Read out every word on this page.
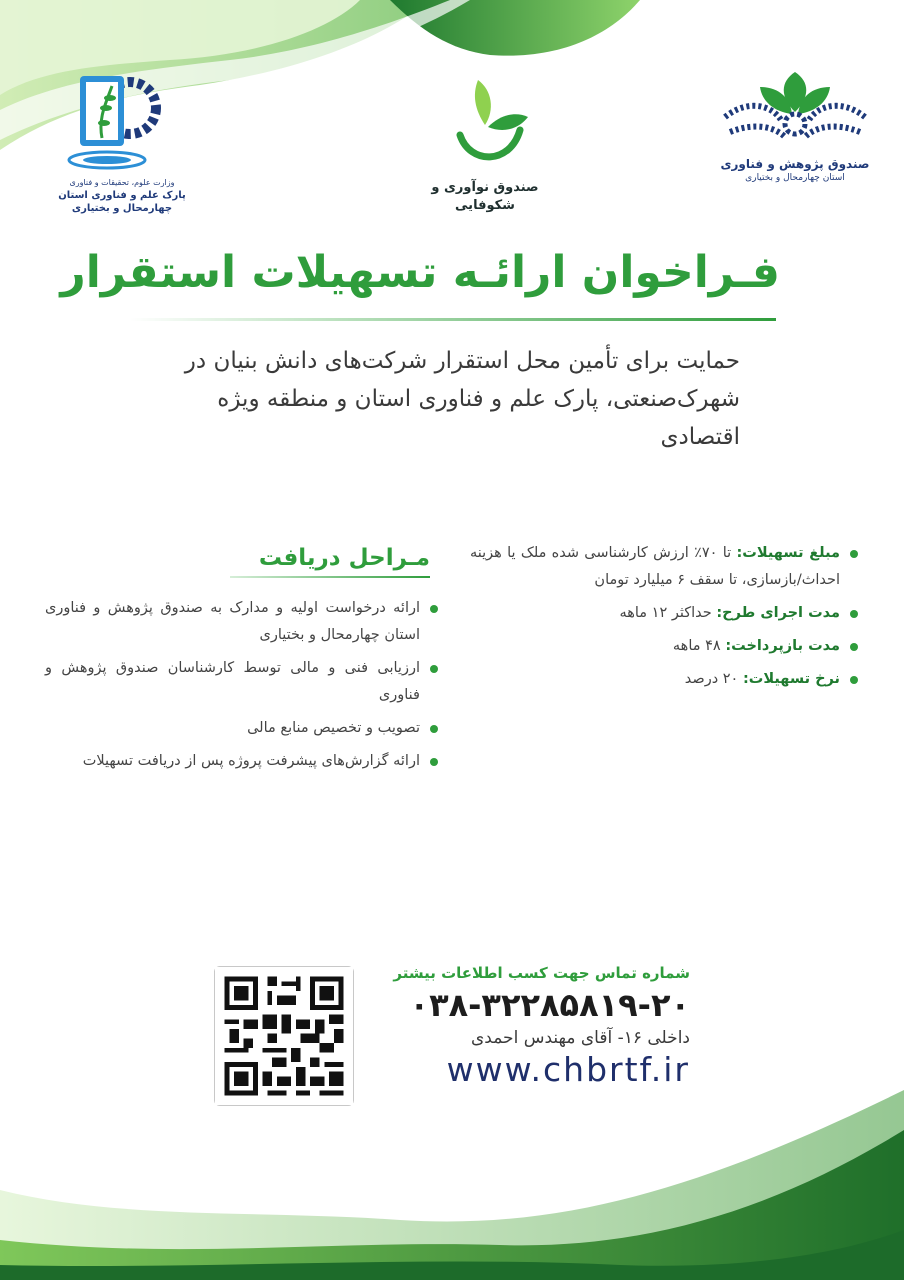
وزارت علوم، تحقیقات و فناوری
پارک علم و فناوری استان چهارمحال و بختیاری
صندوق نوآوری و شکوفایی
صندوق پژوهش و فناوری
استان چهارمحال و بختیاری
فـراخوان ارائـه تسهیلات استقرار
حمایت برای تأمین محل استقرار شرکت‌های دانش بنیان در شهرک‌صنعتی، پارک علم و فناوری استان و منطقه ویژه اقتصادی
مبلغ تسهیلات: تا ۷۰٪ ارزش کارشناسی شده ملک یا هزینه احداث/بازسازی، تا سقف ۶ میلیارد تومان
مدت اجرای طرح: حداکثر ۱۲ ماهه
مدت بازپرداخت: ۴۸ ماهه
نرخ تسهیلات: ۲۰ درصد
مـراحل دریافت
ارائه درخواست اولیه و مدارک به صندوق پژوهش و فناوری استان چهارمحال و بختیاری
ارزیابی فنی و مالی توسط کارشناسان صندوق پژوهش و فناوری
تصویب و تخصیص منابع مالی
ارائه گزارش‌های پیشرفت پروژه پس از دریافت تسهیلات
شماره تماس جهت کسب اطلاعات بیشتر
۰۳۸-۳۲۲۸۵۸۱۹-۲۰
داخلی ۱۶- آقای مهندس احمدی
www.chbrtf.ir
